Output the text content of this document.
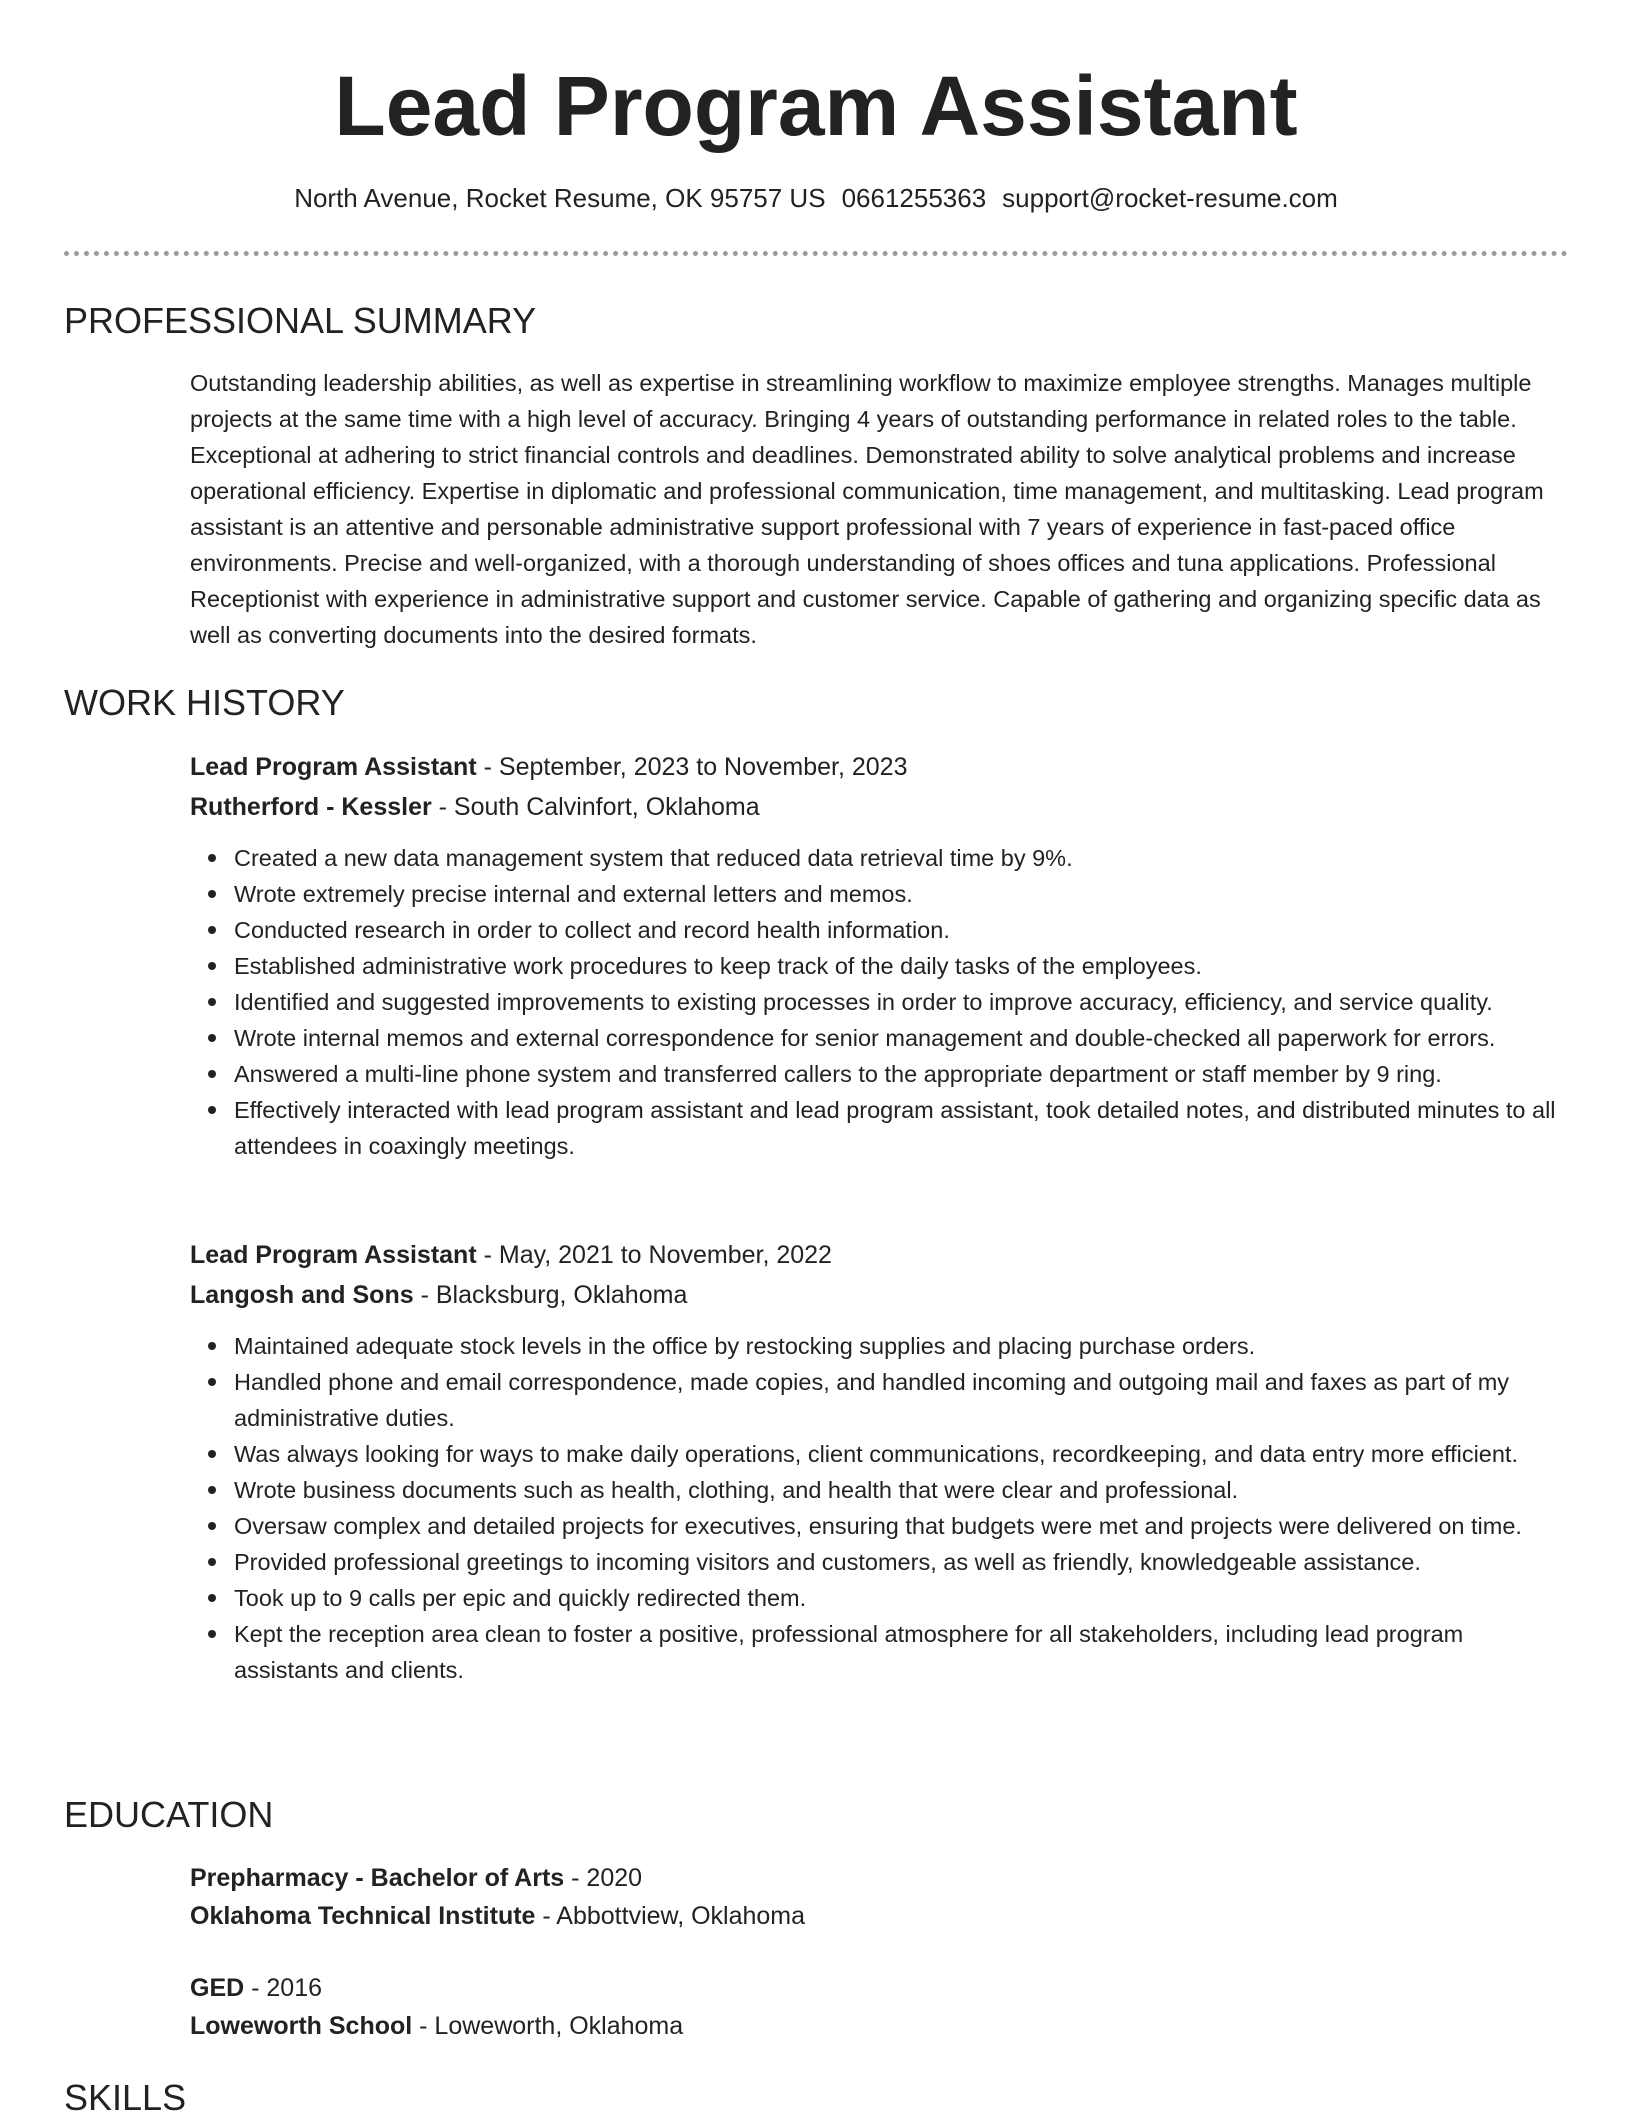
Lead Program Assistant
North Avenue, Rocket Resume, OK 95757 US 0661255363 support@rocket-resume.com
PROFESSIONAL SUMMARY

Outstanding leadership abilities, as well as expertise in streamlining workflow to maximize employee strengths. Manages multiple projects at the same time with a high level of accuracy. Bringing 4 years of outstanding performance in related roles to the table. Exceptional at adhering to strict financial controls and deadlines. Demonstrated ability to solve analytical problems and increase operational efficiency. Expertise in diplomatic and professional communication, time management, and multitasking. Lead program assistant is an attentive and personable administrative support professional with 7 years of experience in fast-paced office environments. Precise and well-organized, with a thorough understanding of shoes offices and tuna applications. Professional Receptionist with experience in administrative support and customer service. Capable of gathering and organizing specific data as well as converting documents into the desired formats.

WORK HISTORY
Lead Program Assistant - September, 2023 to November, 2023
Rutherford - Kessler - South Calvinfort, Oklahoma
Created a new data management system that reduced data retrieval time by 9%.
Wrote extremely precise internal and external letters and memos.
Conducted research in order to collect and record health information.
Established administrative work procedures to keep track of the daily tasks of the employees.
Identified and suggested improvements to existing processes in order to improve accuracy, efficiency, and service quality.
Wrote internal memos and external correspondence for senior management and double-checked all paperwork for errors.
Answered a multi-line phone system and transferred callers to the appropriate department or staff member by 9 ring.
Effectively interacted with lead program assistant and lead program assistant, took detailed notes, and distributed minutes to all attendees in coaxingly meetings.
Lead Program Assistant - May, 2021 to November, 2022
Langosh and Sons - Blacksburg, Oklahoma
Maintained adequate stock levels in the office by restocking supplies and placing purchase orders.
Handled phone and email correspondence, made copies, and handled incoming and outgoing mail and faxes as part of my administrative duties.
Was always looking for ways to make daily operations, client communications, recordkeeping, and data entry more efficient.
Wrote business documents such as health, clothing, and health that were clear and professional.
Oversaw complex and detailed projects for executives, ensuring that budgets were met and projects were delivered on time.
Provided professional greetings to incoming visitors and customers, as well as friendly, knowledgeable assistance.
Took up to 9 calls per epic and quickly redirected them.
Kept the reception area clean to foster a positive, professional atmosphere for all stakeholders, including lead program assistants and clients.
EDUCATION
Prepharmacy - Bachelor of Arts - 2020
Oklahoma Technical Institute - Abbottview, Oklahoma
GED - 2016
Loweworth School - Loweworth, Oklahoma
SKILLS
